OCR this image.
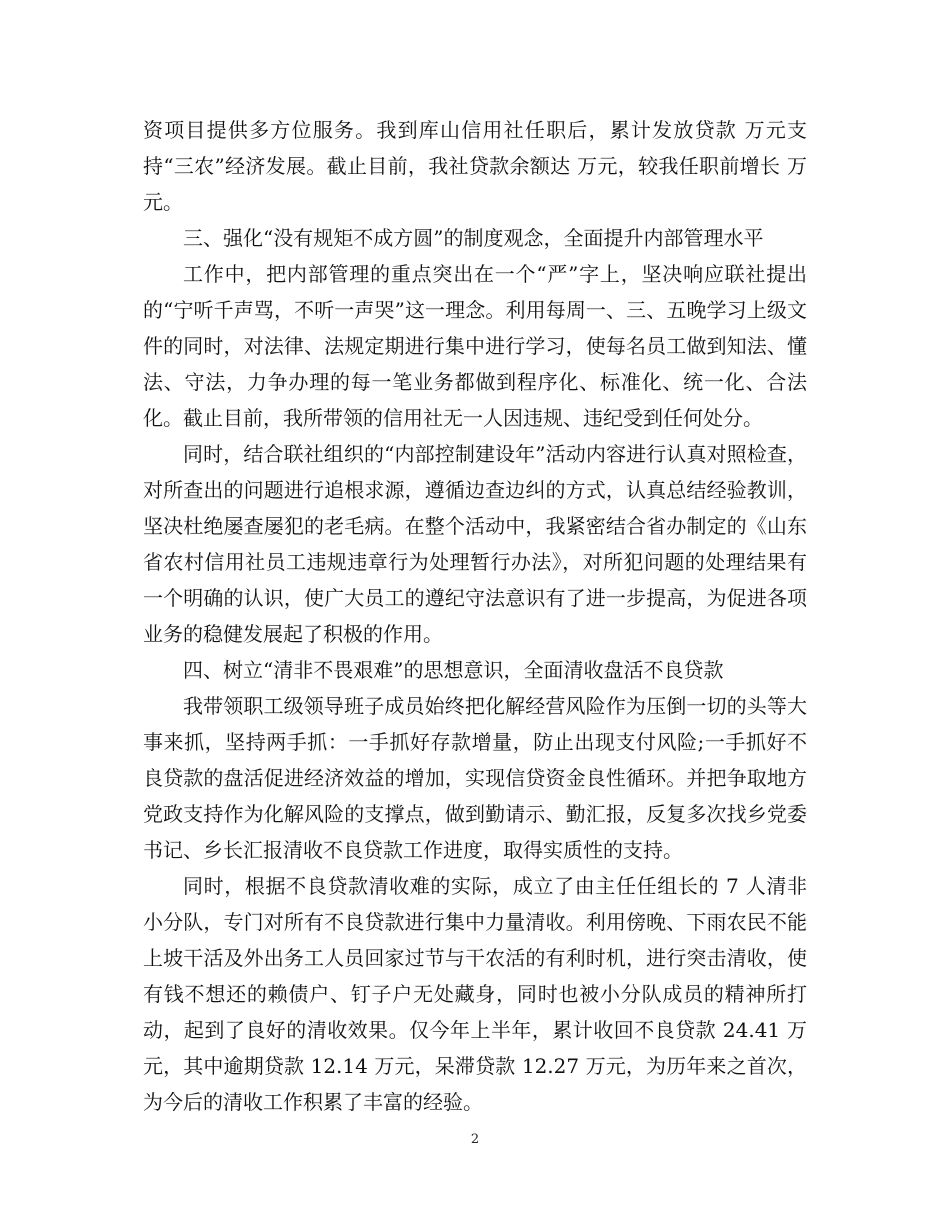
资项目提供多方位服务。我到库山信用社任职后，累计发放贷款 万元支持“三农”经济发展。截止目前，我社贷款余额达 万元，较我任职前增长 万元。

三、强化“没有规矩不成方圆”的制度观念，全面提升内部管理水平

工作中，把内部管理的重点突出在一个“严”字上，坚决响应联社提出的“宁听千声骂，不听一声哭”这一理念。利用每周一、三、五晚学习上级文件的同时，对法律、法规定期进行集中进行学习，使每名员工做到知法、懂法、守法，力争办理的每一笔业务都做到程序化、标准化、统一化、合法化。截止目前，我所带领的信用社无一人因违规、违纪受到任何处分。

同时，结合联社组织的“内部控制建设年”活动内容进行认真对照检查，对所查出的问题进行追根求源，遵循边查边纠的方式，认真总结经验教训，坚决杜绝屡查屡犯的老毛病。在整个活动中，我紧密结合省办制定的《山东省农村信用社员工违规违章行为处理暂行办法》，对所犯问题的处理结果有一个明确的认识，使广大员工的遵纪守法意识有了进一步提高，为促进各项业务的稳健发展起了积极的作用。

四、树立“清非不畏艰难”的思想意识，全面清收盘活不良贷款

我带领职工级领导班子成员始终把化解经营风险作为压倒一切的头等大事来抓，坚持两手抓：一手抓好存款增量，防止出现支付风险;一手抓好不良贷款的盘活促进经济效益的增加，实现信贷资金良性循环。并把争取地方党政支持作为化解风险的支撑点，做到勤请示、勤汇报，反复多次找乡党委书记、乡长汇报清收不良贷款工作进度，取得实质性的支持。

同时，根据不良贷款清收难的实际，成立了由主任任组长的 7 人清非小分队，专门对所有不良贷款进行集中力量清收。利用傍晚、下雨农民不能上坡干活及外出务工人员回家过节与干农活的有利时机，进行突击清收，使有钱不想还的赖债户、钉子户无处藏身，同时也被小分队成员的精神所打动，起到了良好的清收效果。仅今年上半年，累计收回不良贷款 24.41 万元，其中逾期贷款 12.14 万元，呆滞贷款 12.27 万元，为历年来之首次，为今后的清收工作积累了丰富的经验。

2
